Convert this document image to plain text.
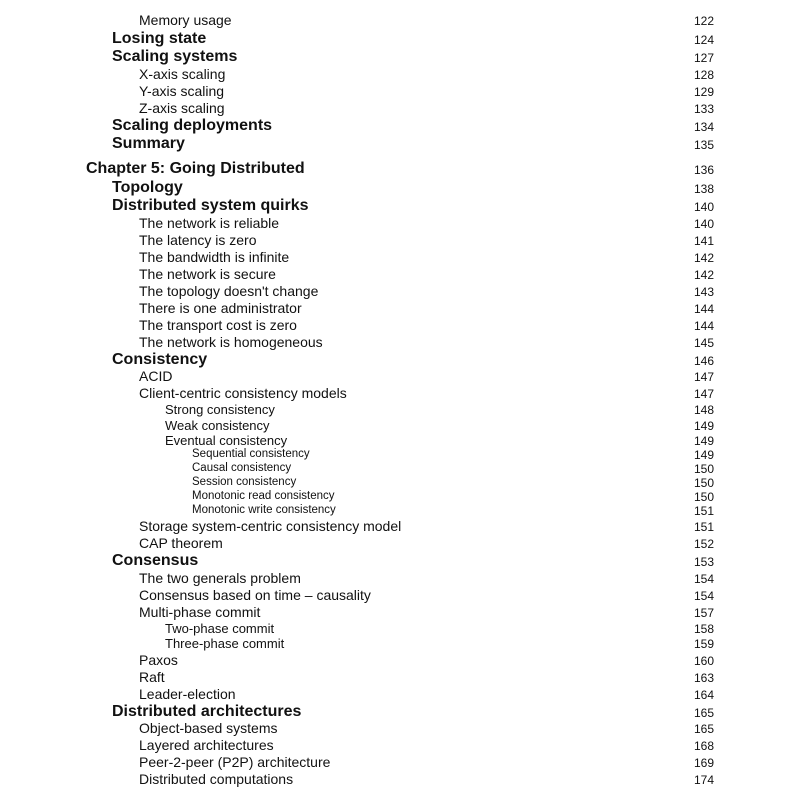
Memory usage	122
Losing state	124
Scaling systems	127
X-axis scaling	128
Y-axis scaling	129
Z-axis scaling	133
Scaling deployments	134
Summary	135
Chapter 5: Going Distributed	136
Topology	138
Distributed system quirks	140
The network is reliable	140
The latency is zero	141
The bandwidth is infinite	142
The network is secure	142
The topology doesn't change	143
There is one administrator	144
The transport cost is zero	144
The network is homogeneous	145
Consistency	146
ACID	147
Client-centric consistency models	147
Strong consistency	148
Weak consistency	149
Eventual consistency	149
Sequential consistency	149
Causal consistency	150
Session consistency	150
Monotonic read consistency	150
Monotonic write consistency	151
Storage system-centric consistency model	151
CAP theorem	152
Consensus	153
The two generals problem	154
Consensus based on time – causality	154
Multi-phase commit	157
Two-phase commit	158
Three-phase commit	159
Paxos	160
Raft	163
Leader-election	164
Distributed architectures	165
Object-based systems	165
Layered architectures	168
Peer-2-peer (P2P) architecture	169
Distributed computations	174
